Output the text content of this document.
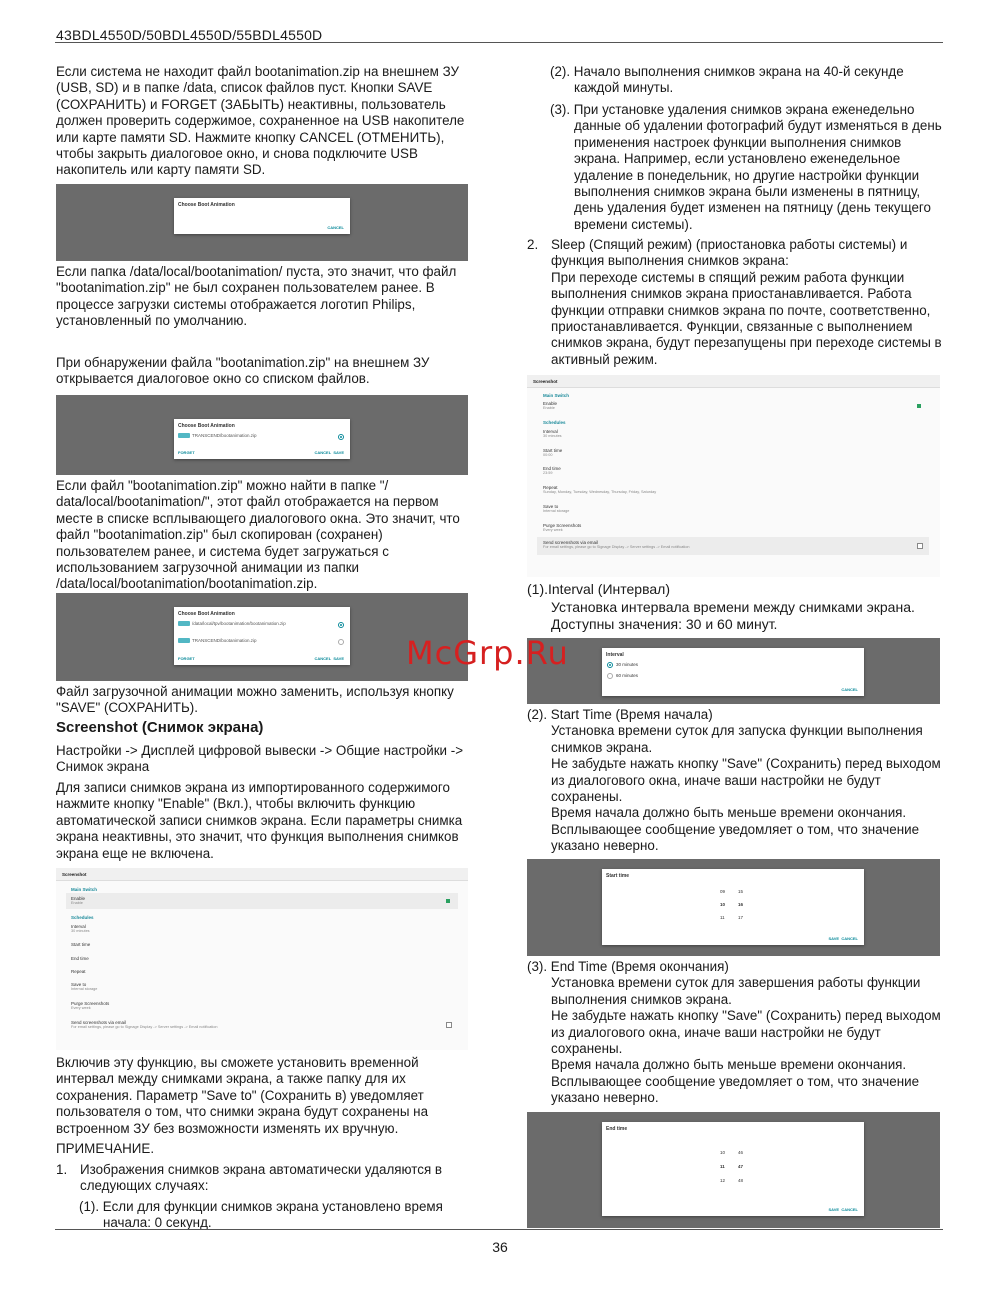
43BDL4550D/50BDL4550D/55BDL4550D

Если система не находит файл bootanimation.zip на внешнем ЗУ (USB, SD) и в папке /data, список файлов пуст. Кнопки SAVE (СОХРАНИТЬ) и FORGET (ЗАБЫТЬ) неактивны, пользователь должен проверить содержимое, сохраненное на USB накопителе или карте памяти SD. Нажмите кнопку CANCEL (ОТМЕНИТЬ), чтобы закрыть диалоговое окно, и снова подключите USB накопитель или карту памяти SD.

Choose Boot Animation
CANCEL

Если папка /data/local/bootanimation/ пуста, это значит, что файл "bootanimation.zip" не был сохранен пользователем ранее. В процессе загрузки системы отображается логотип Philips, установленный по умолчанию.

При обнаружении файла "bootanimation.zip" на внешнем ЗУ открывается диалоговое окно со списком файлов.

Choose Boot Animation
TRANSCEND/bootanimation.zip
FORGET	CANCEL SAVE

Если файл "bootanimation.zip" можно найти в папке "/ data/local/bootanimation/", этот файл отображается на первом месте в списке всплывающего диалогового окна. Это значит, что файл "bootanimation.zip" был скопирован (сохранен) пользователем ранее, и система будет загружаться с использованием загрузочной анимации из папки /data/local/bootanimation/bootanimation.zip.

Choose Boot Animation
/data/local/tpv/bootanimation/bootanimation.zip
TRANSCEND/bootanimation.zip
FORGET	CANCEL SAVE

Файл загрузочной анимации можно заменить, используя кнопку "SAVE" (СОХРАНИТЬ).

Screenshot (Снимок экрана)

Настройки -> Дисплей цифровой вывески -> Общие настройки -> Снимок экрана

Для записи снимков экрана из импортированного содержимого нажмите кнопку "Enable" (Вкл.), чтобы включить функцию автоматической записи снимков экрана. Если параметры снимка экрана неактивны, это значит, что функция выполнения снимков экрана еще не включена.

Screenshot
Main Switch
Enable
Enable
Schedules
Interval
30 minutes
Start time
End time
Repeat
Save to
Internal storage
Purge Screenshots
Every week
Send screenshots via email
For email settings, please go to Signage Display -> Server settings -> Email notification

Включив эту функцию, вы сможете установить временной интервал между снимками экрана, а также папку для их сохранения. Параметр "Save to" (Сохранить в) уведомляет пользователя о том, что снимки экрана будут сохранены на встроенном ЗУ без возможности изменять их вручную.

ПРИМЕЧАНИЕ.

1. Изображения снимков экрана автоматически удаляются в следующих случаях:

(1). Если для функции снимков экрана установлено время начала: 0 секунд.

(2). Начало выполнения снимков экрана на 40-й секунде каждой минуты.

(3). При установке удаления снимков экрана еженедельно данные об удалении фотографий будут изменяться в день применения настроек функции выполнения снимков экрана. Например, если установлено еженедельное удаление в понедельник, но другие настройки функции выполнения снимков экрана были изменены в пятницу, день удаления будет изменен на пятницу (день текущего времени системы).

2. Sleep (Спящий режим) (приостановка работы системы) и функция выполнения снимков экрана:

При переходе системы в спящий режим работа функции выполнения снимков экрана приостанавливается. Работа функции отправки снимков экрана по почте, соответственно, приостанавливается. Функции, связанные с выполнением снимков экрана, будут перезапущены при переходе системы в активный режим.

Screenshot
Main Switch
Enable
Enable
Schedules
Interval
30 minutes
Start time
00:00
End time
23:59
Repeat
Sunday, Monday, Tuesday, Wednesday, Thursday, Friday, Saturday
Save to
Internal storage
Purge Screenshots
Every week
Send screenshots via email
For email settings, please go to Signage Display -> Server settings -> Email notification

(1).Interval (Интервал)

Установка интервала времени между снимками экрана. Доступны значения: 30 и 60 минут.

Interval
30 minutes
60 minutes
CANCEL

(2). Start Time (Время начала)

Установка времени суток для запуска функции выполнения снимков экрана.

Не забудьте нажать кнопку "Save" (Сохранить) перед выходом из диалогового окна, иначе ваши настройки не будут сохранены.

Время начала должно быть меньше времени окончания. Всплывающее сообщение уведомляет о том, что значение указано неверно.

Start time
09
10
11
15
16
17
SAVE CANCEL

(3). End Time (Время окончания)

Установка времени суток для завершения работы функции выполнения снимков экрана.

Не забудьте нажать кнопку "Save" (Сохранить) перед выходом из диалогового окна, иначе ваши настройки не будут сохранены.

Время начала должно быть меньше времени окончания. Всплывающее сообщение уведомляет о том, что значение указано неверно.

End time
10
11
12
46
47
48
SAVE CANCEL
McGrp.Ru
36
